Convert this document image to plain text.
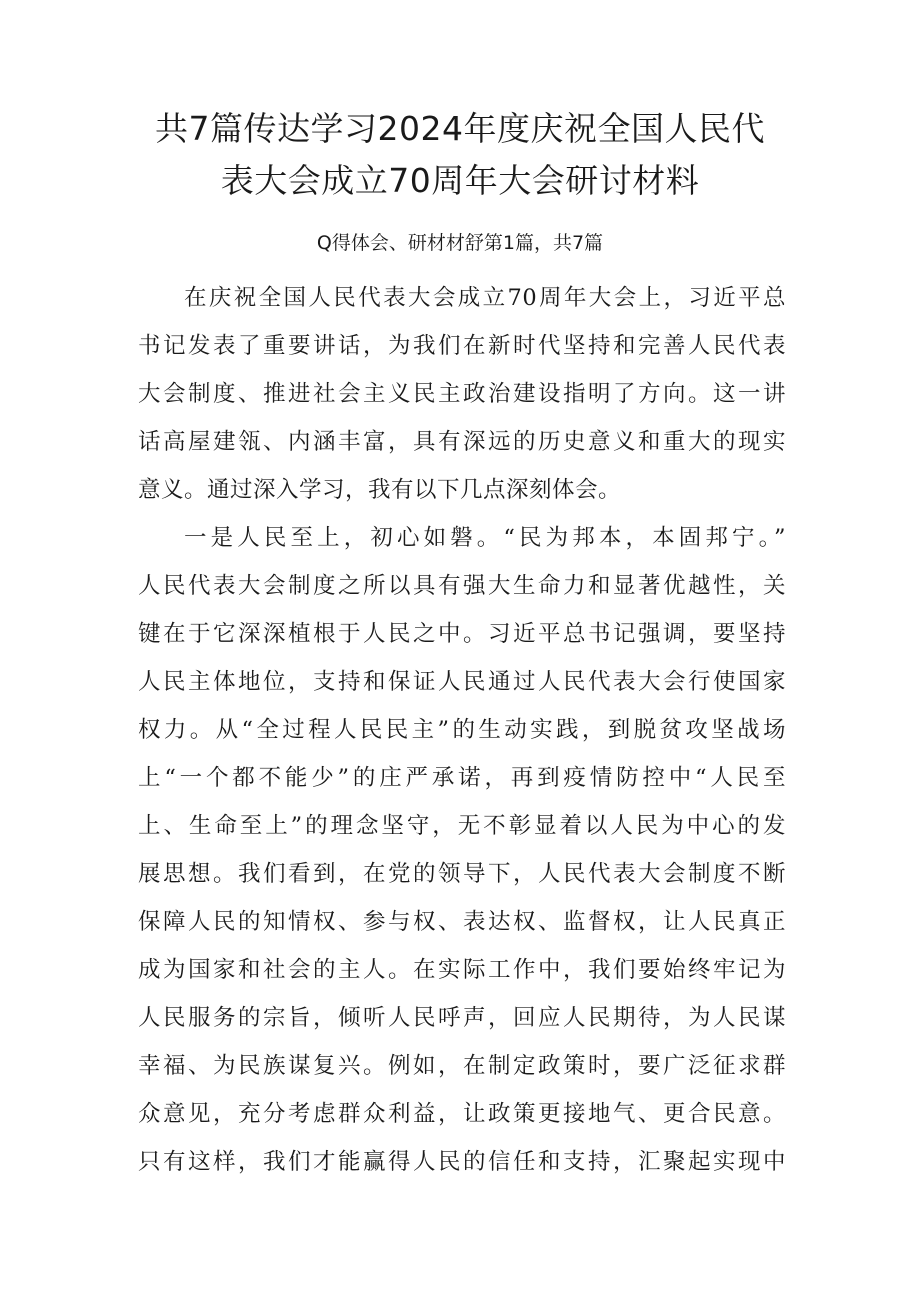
共7篇传达学习2024年度庆祝全国人民代
表大会成立70周年大会研讨材料

Q得体会、研材材舒第1篇，共7篇

在庆祝全国人民代表大会成立70周年大会上，习近平总
书记发表了重要讲话，为我们在新时代坚持和完善人民代表
大会制度、推进社会主义民主政治建设指明了方向。这一讲
话高屋建瓴、内涵丰富，具有深远的历史意义和重大的现实
意义。通过深入学习，我有以下几点深刻体会。
一是人民至上，初心如磐。“民为邦本，本固邦宁。”
人民代表大会制度之所以具有强大生命力和显著优越性，关
键在于它深深植根于人民之中。习近平总书记强调，要坚持
人民主体地位，支持和保证人民通过人民代表大会行使国家
权力。从“全过程人民民主”的生动实践，到脱贫攻坚战场
上“一个都不能少”的庄严承诺，再到疫情防控中“人民至
上、生命至上”的理念坚守，无不彰显着以人民为中心的发
展思想。我们看到，在党的领导下，人民代表大会制度不断
保障人民的知情权、参与权、表达权、监督权，让人民真正
成为国家和社会的主人。在实际工作中，我们要始终牢记为
人民服务的宗旨，倾听人民呼声，回应人民期待，为人民谋
幸福、为民族谋复兴。例如，在制定政策时，要广泛征求群
众意见，充分考虑群众利益，让政策更接地气、更合民意。
只有这样，我们才能赢得人民的信任和支持，汇聚起实现中
